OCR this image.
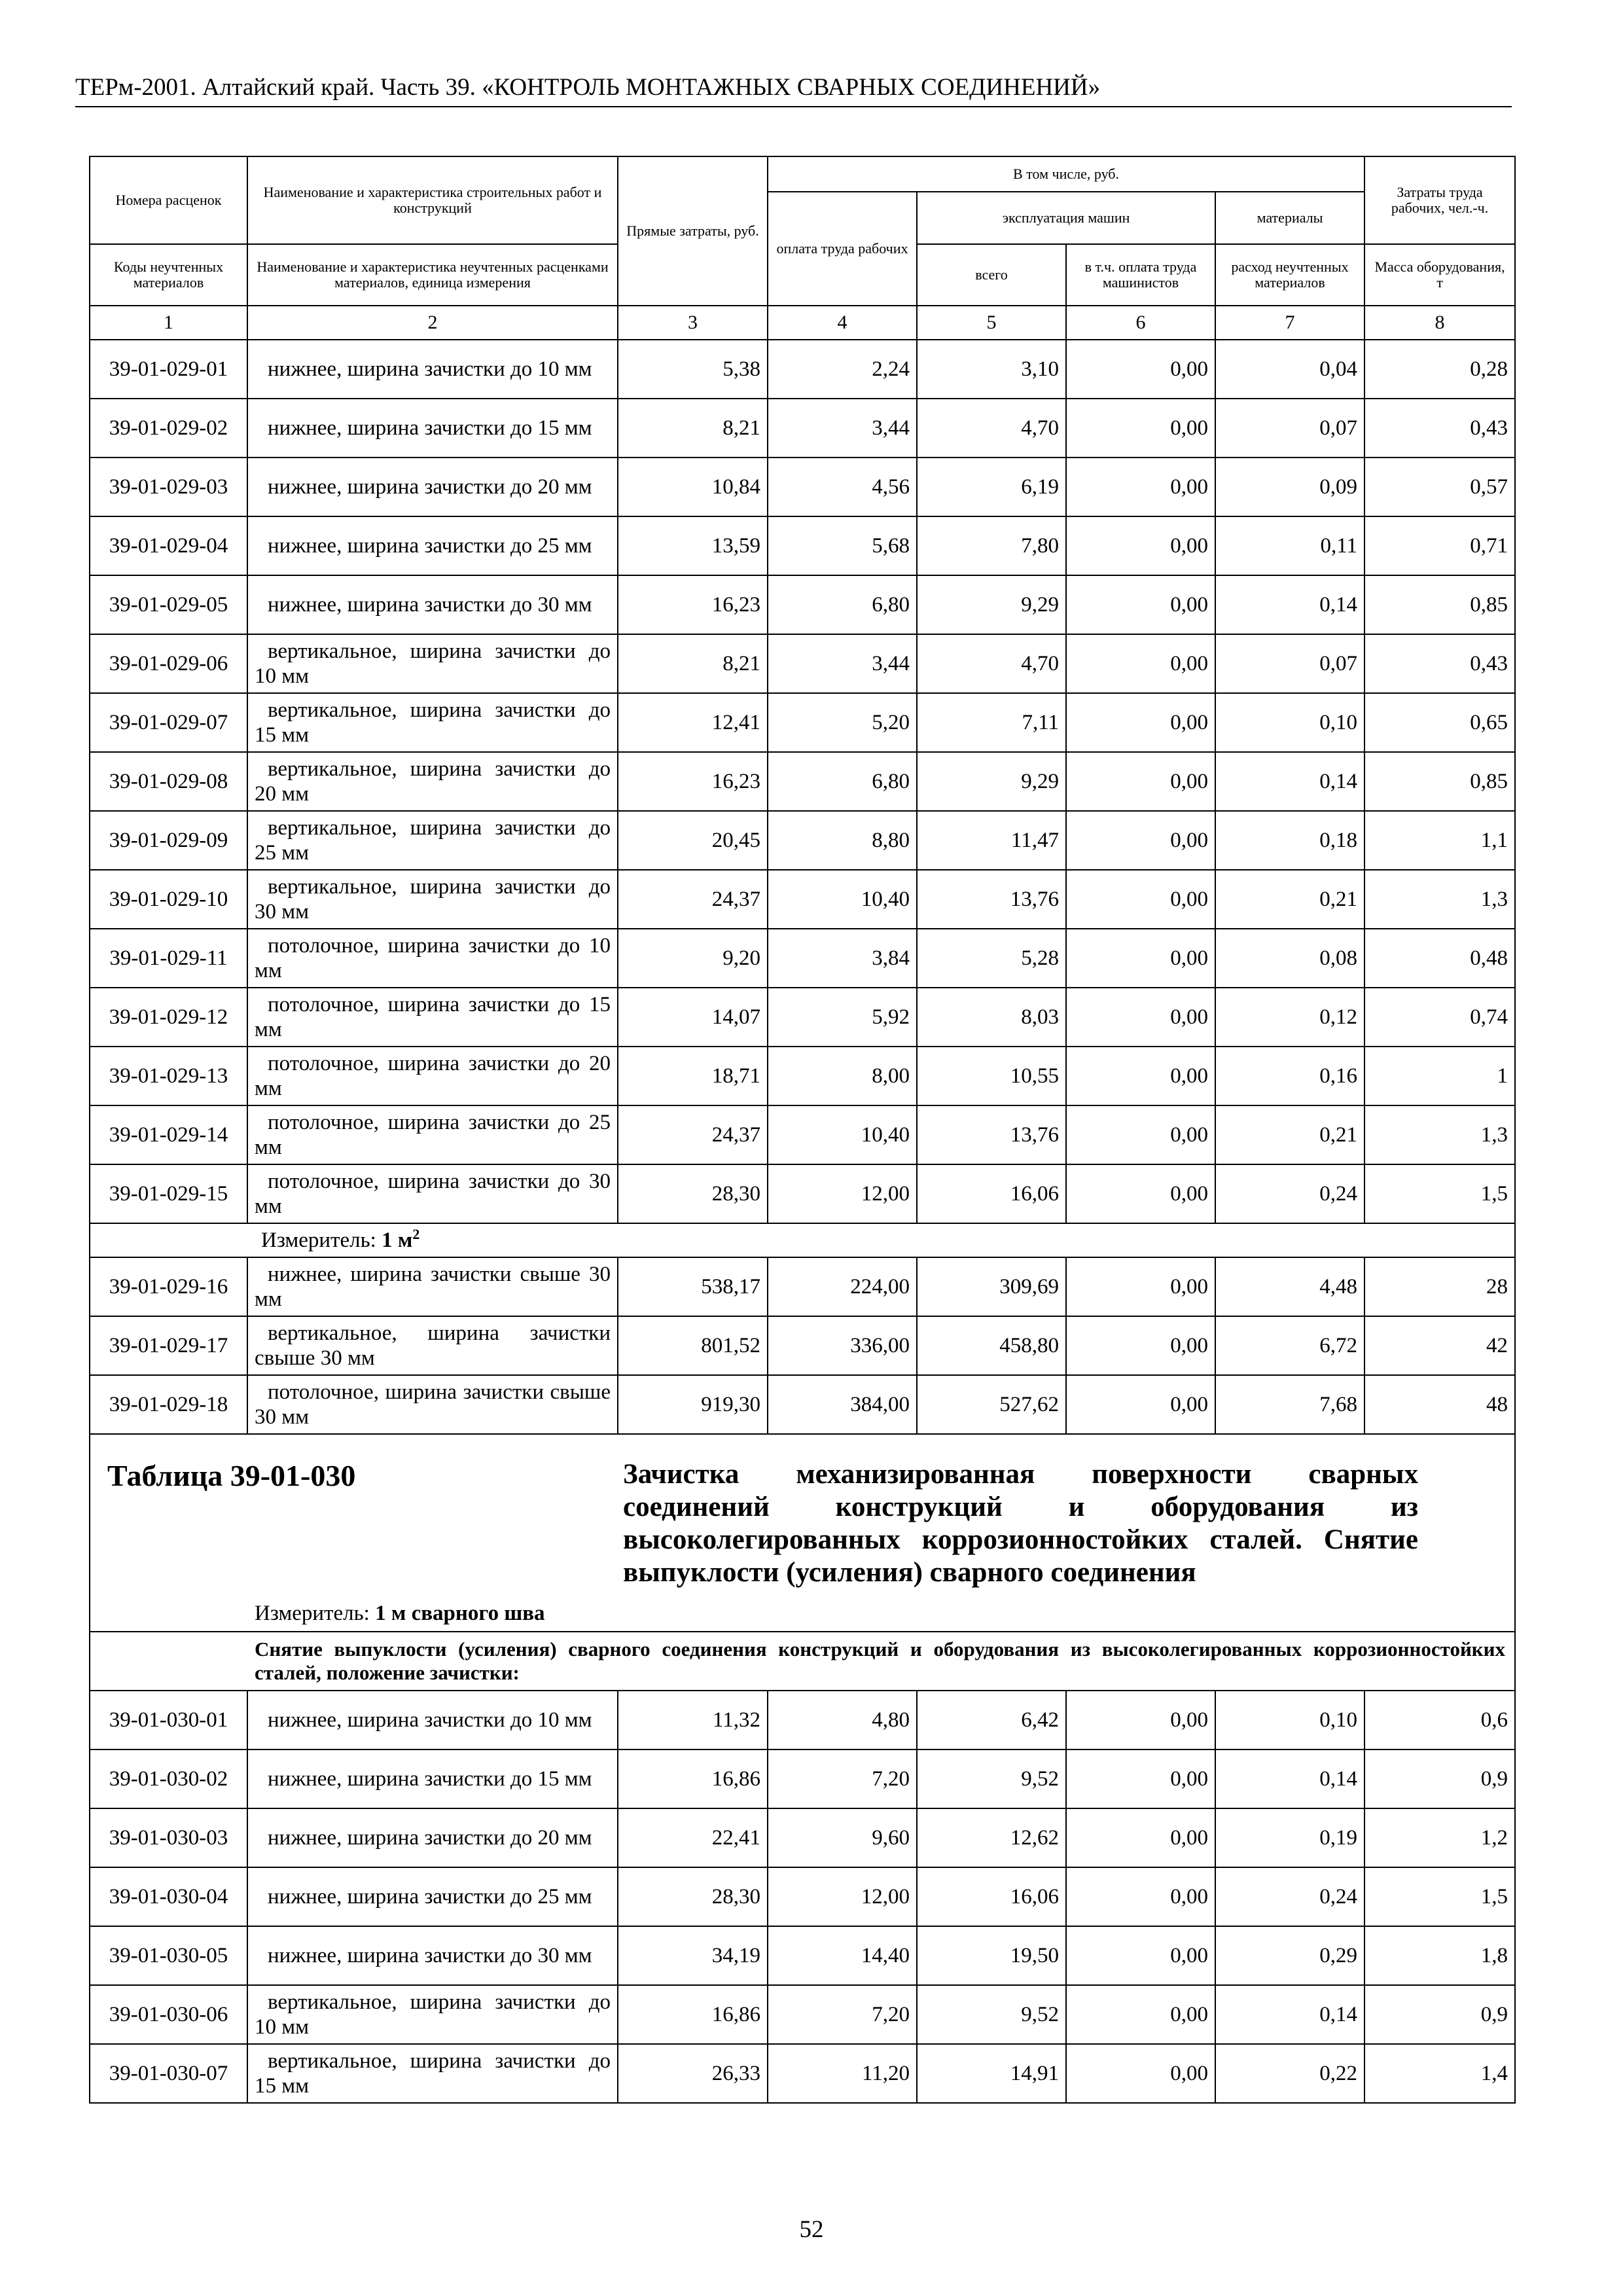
ТЕРм-2001. Алтайский край. Часть 39. «КОНТРОЛЬ МОНТАЖНЫХ СВАРНЫХ СОЕДИНЕНИЙ»
Номера расценок	Наименование и характеристика строительных работ и конструкций	Прямые затраты, руб.	В том числе, руб.				Затраты труда рабочих, чел.-ч.
			оплата труда рабочих	эксплуатация машин		материалы	
Коды неучтенных материалов	Наименование и характеристика неучтенных расценками материалов, единица измерения			всего	в т.ч. оплата труда машинистов	расход неучтенных материалов	Масса оборудования, т
1	2	3	4	5	6	7	8
39-01-029-01	нижнее, ширина зачистки до 10 мм	5,38	2,24	3,10	0,00	0,04	0,28
39-01-029-02	нижнее, ширина зачистки до 15 мм	8,21	3,44	4,70	0,00	0,07	0,43
39-01-029-03	нижнее, ширина зачистки до 20 мм	10,84	4,56	6,19	0,00	0,09	0,57
39-01-029-04	нижнее, ширина зачистки до 25 мм	13,59	5,68	7,80	0,00	0,11	0,71
39-01-029-05	нижнее, ширина зачистки до 30 мм	16,23	6,80	9,29	0,00	0,14	0,85
39-01-029-06	вертикальное, ширина зачистки до 10 мм	8,21	3,44	4,70	0,00	0,07	0,43
39-01-029-07	вертикальное, ширина зачистки до 15 мм	12,41	5,20	7,11	0,00	0,10	0,65
39-01-029-08	вертикальное, ширина зачистки до 20 мм	16,23	6,80	9,29	0,00	0,14	0,85
39-01-029-09	вертикальное, ширина зачистки до 25 мм	20,45	8,80	11,47	0,00	0,18	1,1
39-01-029-10	вертикальное, ширина зачистки до 30 мм	24,37	10,40	13,76	0,00	0,21	1,3
39-01-029-11	потолочное, ширина зачистки до 10 мм	9,20	3,84	5,28	0,00	0,08	0,48
39-01-029-12	потолочное, ширина зачистки до 15 мм	14,07	5,92	8,03	0,00	0,12	0,74
39-01-029-13	потолочное, ширина зачистки до 20 мм	18,71	8,00	10,55	0,00	0,16	1
39-01-029-14	потолочное, ширина зачистки до 25 мм	24,37	10,40	13,76	0,00	0,21	1,3
39-01-029-15	потолочное, ширина зачистки до 30 мм	28,30	12,00	16,06	0,00	0,24	1,5

Измеритель: 1 $м^2$

39-01-029-16	нижнее, ширина зачистки свыше 30 мм	538,17	224,00	309,69	0,00	4,48	28
39-01-029-17	вертикальное, ширина зачистки свыше 30 мм	801,52	336,00	458,80	0,00	6,72	42
39-01-029-18	потолочное, ширина зачистки свыше 30 мм	919,30	384,00	527,62	0,00	7,68	48

Таблица 39-01-030 Зачистка механизированная поверхности сварных соединений конструкций и оборудования из высоколегированных коррозионностойких сталей. Снятие выпуклости (усиления) сварного соединения
Измеритель: 1 м сварного шва							

Снятие выпуклости (усиления) сварного соединения конструкций и оборудования из высоколегированных коррозионностойких сталей, положение зачистки:							
39-01-030-01	нижнее, ширина зачистки до 10 мм	11,32	4,80	6,42	0,00	0,10	0,6
39-01-030-02	нижнее, ширина зачистки до 15 мм	16,86	7,20	9,52	0,00	0,14	0,9
39-01-030-03	нижнее, ширина зачистки до 20 мм	22,41	9,60	12,62	0,00	0,19	1,2
39-01-030-04	нижнее, ширина зачистки до 25 мм	28,30	12,00	16,06	0,00	0,24	1,5
39-01-030-05	нижнее, ширина зачистки до 30 мм	34,19	14,40	19,50	0,00	0,29	1,8
39-01-030-06	вертикальное, ширина зачистки до 10 мм	16,86	7,20	9,52	0,00	0,14	0,9
39-01-030-07	вертикальное, ширина зачистки до 15 мм	26,33	11,20	14,91	0,00	0,22	1,4
52
